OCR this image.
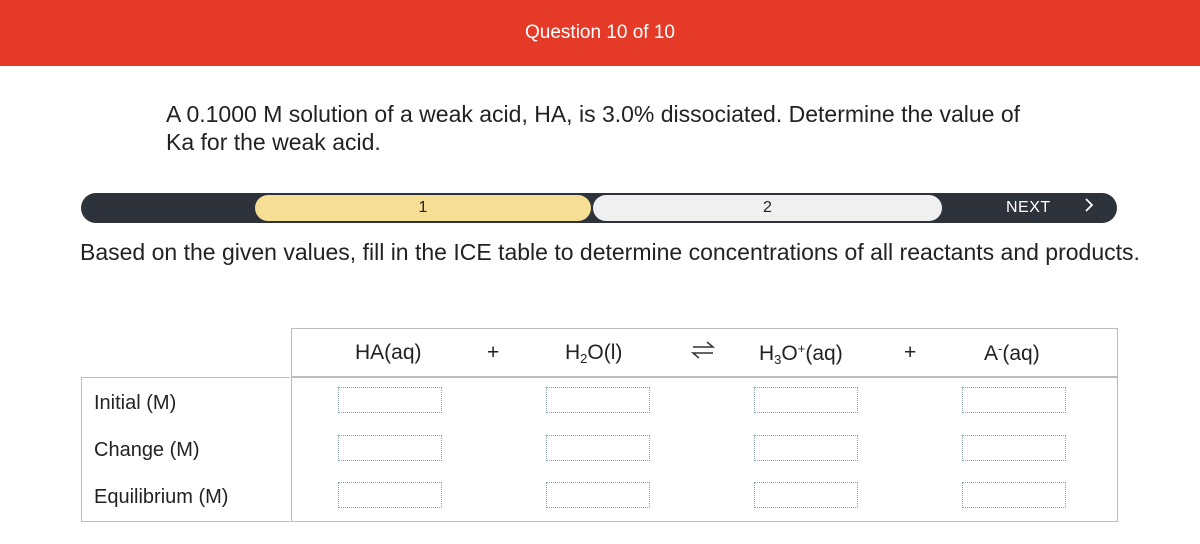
Question 10 of 10
A 0.1000 M solution of a weak acid, HA, is 3.0% dissociated. Determine the value of Ka for the weak acid.
1	2	NEXT
Based on the given values, fill in the ICE table to determine concentrations of all reactants and products.
HA(aq)	+	$H_2O(l)$	$H_3O^+(aq)$	+	A-(aq)
Initial (M)
Change (M)
Equilibrium (M)
